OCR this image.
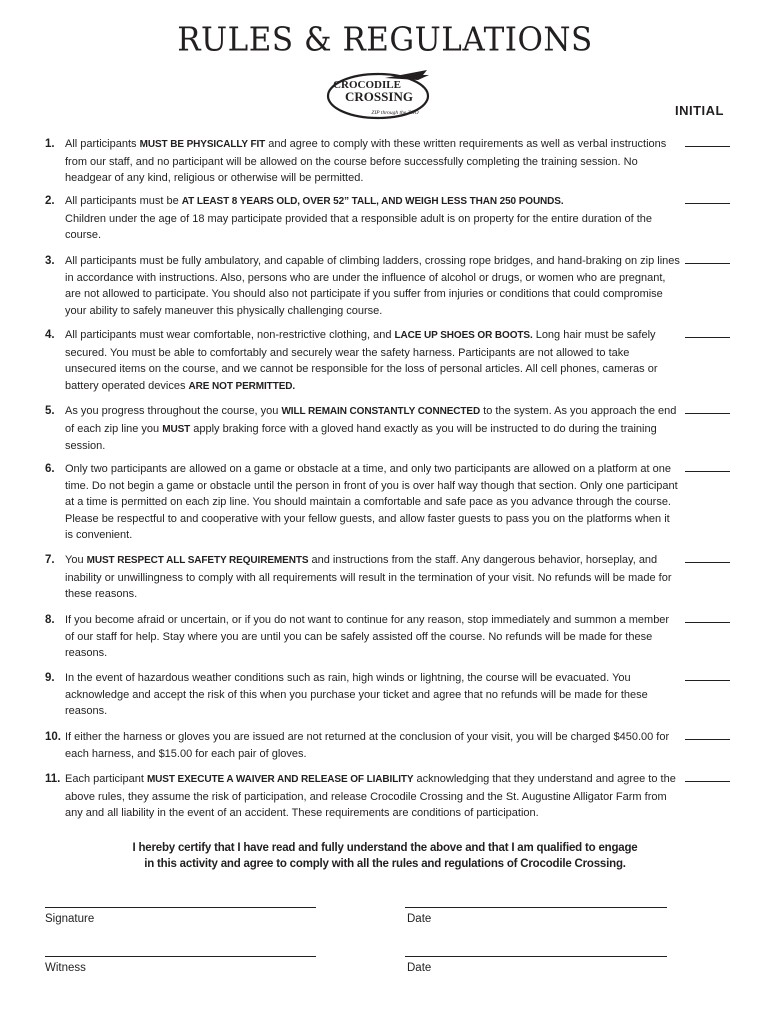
RULES & REGULATIONS
CROCODILE
CROSSING
ZIP through the ZOO	INITIAL
1. All participants MUST BE PHYSICALLY FIT and agree to comply with these written requirements as well as verbal instructions from our staff, and no participant will be allowed on the course before successfully completing the training session. No headgear of any kind, religious or otherwise will be permitted.
2. All participants must be AT LEAST 8 YEARS OLD, OVER 52” TALL, AND WEIGH LESS THAN 250 POUNDS.
Children under the age of 18 may participate provided that a responsible adult is on property for the entire duration of the course.
3. All participants must be fully ambulatory, and capable of climbing ladders, crossing rope bridges, and hand-braking on zip lines in accordance with instructions. Also, persons who are under the influence of alcohol or drugs, or women who are pregnant, are not allowed to participate. You should also not participate if you suffer from injuries or conditions that could compromise your ability to safely maneuver this physically challenging course.
4. All participants must wear comfortable, non-restrictive clothing, and LACE UP SHOES OR BOOTS. Long hair must be safely secured. You must be able to comfortably and securely wear the safety harness. Participants are not allowed to take unsecured items on the course, and we cannot be responsible for the loss of personal articles. All cell phones, cameras or battery operated devices ARE NOT PERMITTED.
5. As you progress throughout the course, you WILL REMAIN CONSTANTLY CONNECTED to the system. As you approach the end of each zip line you MUST apply braking force with a gloved hand exactly as you will be instructed to do during the training session.
6. Only two participants are allowed on a game or obstacle at a time, and only two participants are allowed on a platform at one time. Do not begin a game or obstacle until the person in front of you is over half way though that section. Only one participant at a time is permitted on each zip line. You should maintain a comfortable and safe pace as you advance through the course. Please be respectful to and cooperative with your fellow guests, and allow faster guests to pass you on the platforms when it is convenient.
7. You MUST RESPECT ALL SAFETY REQUIREMENTS and instructions from the staff. Any dangerous behavior, horseplay, and inability or unwillingness to comply with all requirements will result in the termination of your visit. No refunds will be made for these reasons.
8. If you become afraid or uncertain, or if you do not want to continue for any reason, stop immediately and summon a member of our staff for help. Stay where you are until you can be safely assisted off the course. No refunds will be made for these reasons.
9. In the event of hazardous weather conditions such as rain, high winds or lightning, the course will be evacuated. You acknowledge and accept the risk of this when you purchase your ticket and agree that no refunds will be made for these reasons.
10. If either the harness or gloves you are issued are not returned at the conclusion of your visit, you will be charged $450.00 for each harness, and $15.00 for each pair of gloves.
11. Each participant MUST EXECUTE A WAIVER AND RELEASE OF LIABILITY acknowledging that they understand and agree to the above rules, they assume the risk of participation, and release Crocodile Crossing and the St. Augustine Alligator Farm from any and all liability in the event of an accident. These requirements are conditions of participation.
I hereby certify that I have read and fully understand the above and that I am qualified to engage
in this activity and agree to comply with all the rules and regulations of Crocodile Crossing.
Signature	Date
Witness	Date
